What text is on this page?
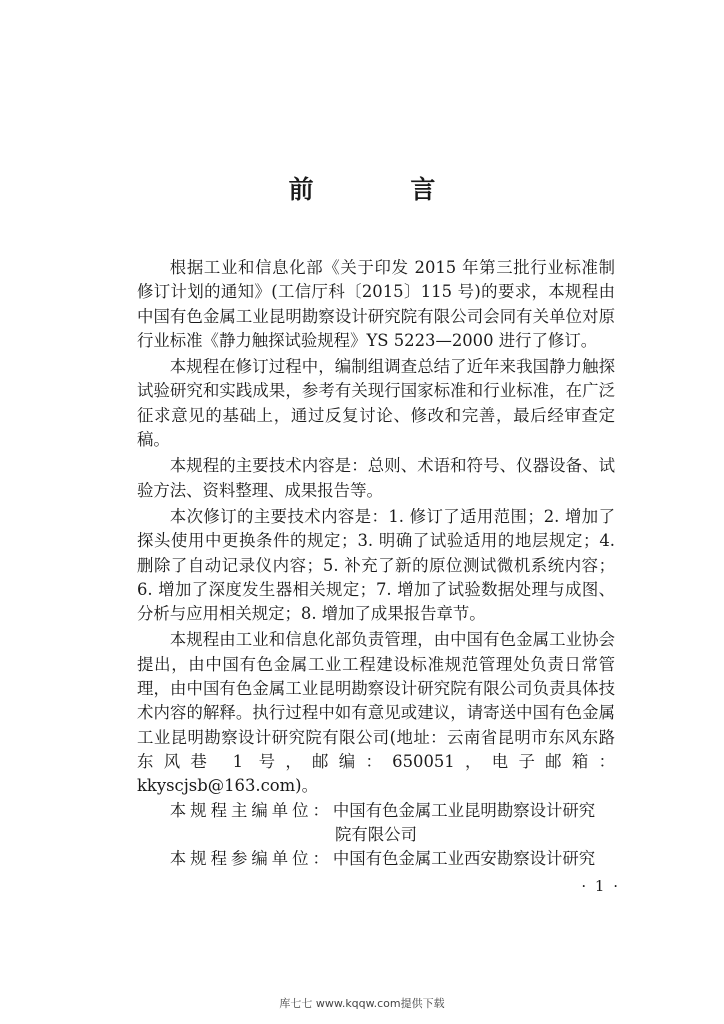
前 言

根据工业和信息化部《关于印发 2015 年第三批行业标准制修订计划的通知》(工信厅科〔2015〕115 号)的要求，本规程由中国有色金属工业昆明勘察设计研究院有限公司会同有关单位对原行业标准《静力触探试验规程》YS 5223—2000 进行了修订。

本规程在修订过程中，编制组调查总结了近年来我国静力触探试验研究和实践成果，参考有关现行国家标准和行业标准，在广泛征求意见的基础上，通过反复讨论、修改和完善，最后经审查定稿。

本规程的主要技术内容是：总则、术语和符号、仪器设备、试验方法、资料整理、成果报告等。

本次修订的主要技术内容是：1. 修订了适用范围；2. 增加了探头使用中更换条件的规定；3. 明确了试验适用的地层规定；4. 删除了自动记录仪内容；5. 补充了新的原位测试微机系统内容；6. 增加了深度发生器相关规定；7. 增加了试验数据处理与成图、分析与应用相关规定；8. 增加了成果报告章节。

本规程由工业和信息化部负责管理，由中国有色金属工业协会提出，由中国有色金属工业工程建设标准规范管理处负责日常管理，由中国有色金属工业昆明勘察设计研究院有限公司负责具体技术内容的解释。执行过程中如有意见或建议，请寄送中国有色金属工业昆明勘察设计研究院有限公司(地址：云南省昆明市东风东路东风巷 1 号，邮编：650051，电子邮箱：kkyscjsb@163.com)。

本规程主编单位：中国有色金属工业昆明勘察设计研究

院有限公司

本规程参编单位：中国有色金属工业西安勘察设计研究

· 1 ·
库七七 www.kqqw.com提供下载
